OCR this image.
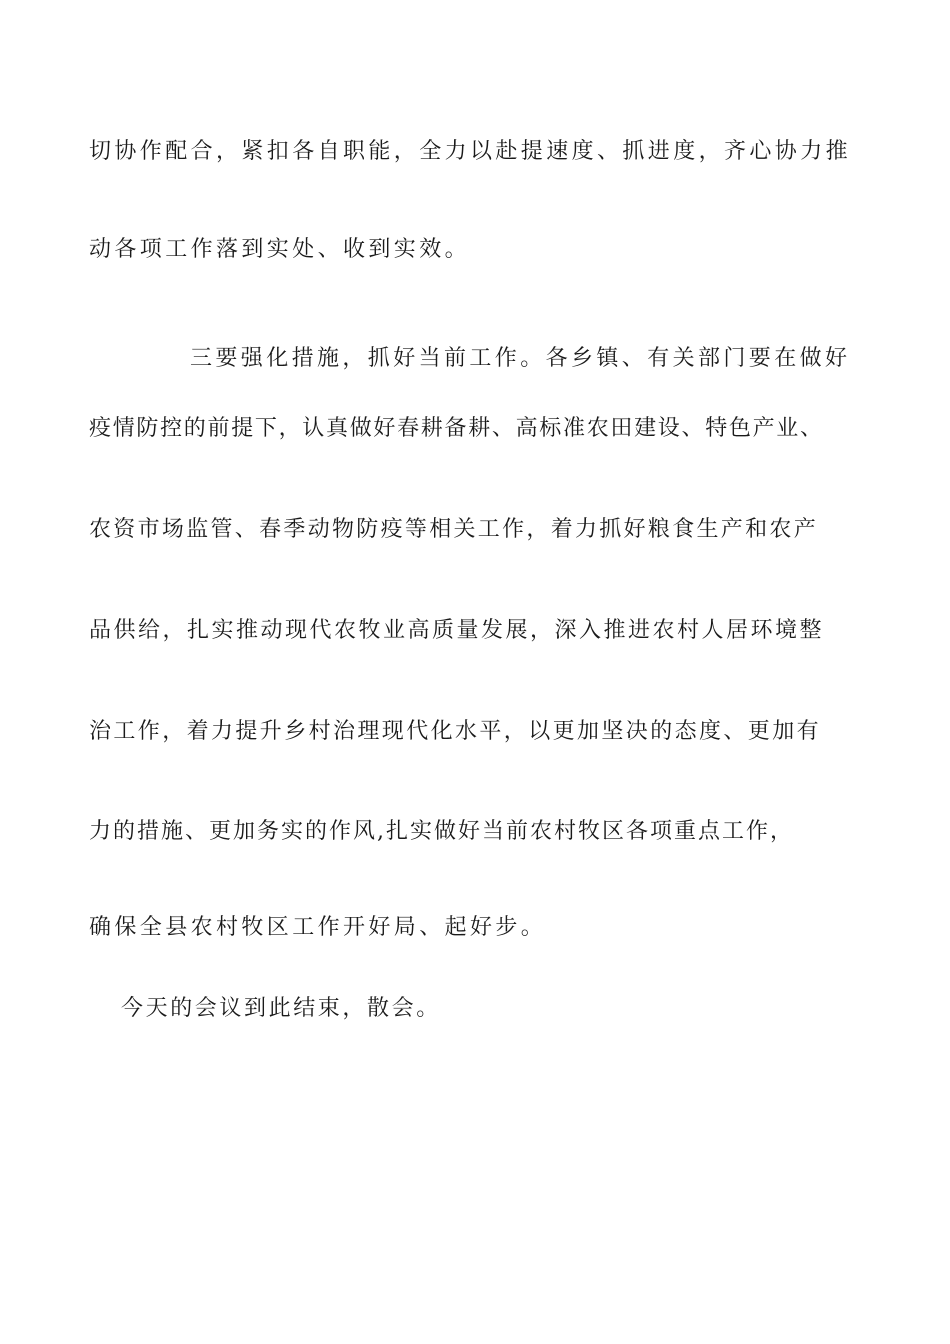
切协作配合，紧扣各自职能，全力以赴提速度、抓进度，齐心协力推
动各项工作落到实处、收到实效。
三要强化措施，抓好当前工作。各乡镇、有关部门要在做好
疫情防控的前提下，认真做好春耕备耕、高标准农田建设、特色产业、
农资市场监管、春季动物防疫等相关工作，着力抓好粮食生产和农产
品供给，扎实推动现代农牧业高质量发展，深入推进农村人居环境整
治工作，着力提升乡村治理现代化水平，以更加坚决的态度、更加有
力的措施、更加务实的作风,扎实做好当前农村牧区各项重点工作，
确保全县农村牧区工作开好局、起好步。
今天的会议到此结束，散会。
